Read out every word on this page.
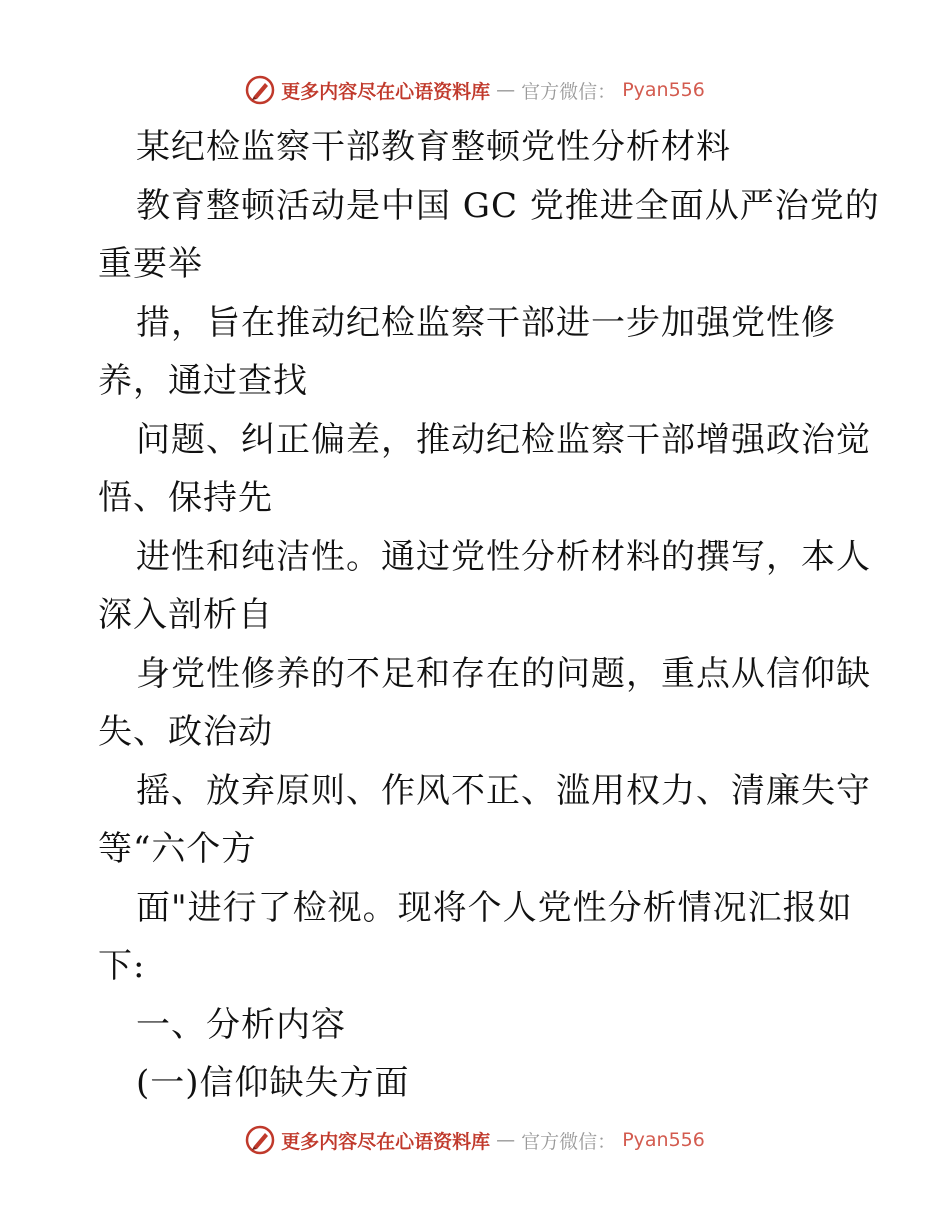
更多内容尽在心语资料库 — 官方微信： Pyan556
某纪检监察干部教育整顿党性分析材料
教育整顿活动是中国 GC 党推进全面从严治党的
重要举
措，旨在推动纪检监察干部进一步加强党性修
养，通过查找
问题、纠正偏差，推动纪检监察干部增强政治觉
悟、保持先
进性和纯洁性。通过党性分析材料的撰写，本人
深入剖析自
身党性修养的不足和存在的问题，重点从信仰缺
失、政治动
摇、放弃原则、作风不正、滥用权力、清廉失守
等“六个方
面"进行了检视。现将个人党性分析情况汇报如
下:
一、分析内容
(一)信仰缺失方面
更多内容尽在心语资料库 — 官方微信： Pyan556
